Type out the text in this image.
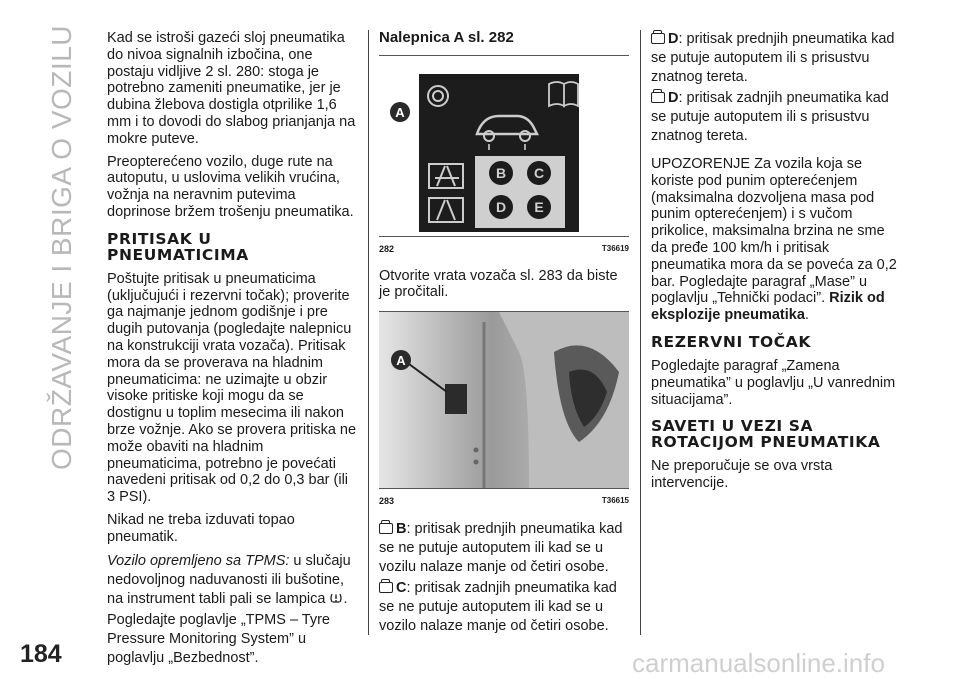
ODRŽAVANJE I BRIGA O VOZILU
184	carmanualsonline.info

Kad se istroši gazeći sloj pneumatika do nivoa signalnih izbočina, one postaju vidljive 2 sl. 280: stoga je potrebno zameniti pneumatike, jer je dubina žlebova dostigla otprilike 1,6 mm i to dovodi do slabog prianjanja na mokre puteve.

Preopterećeno vozilo, duge rute na autoputu, u uslovima velikih vrućina, vožnja na neravnim putevima doprinose bržem trošenju pneumatika.

PRITISAK U PNEUMATICIMA

Poštujte pritisak u pneumaticima (uključujući i rezervni točak); proverite ga najmanje jednom godišnje i pre dugih putovanja (pogledajte nalepnicu na konstrukciji vrata vozača). Pritisak mora da se proverava na hladnim pneumaticima: ne uzimajte u obzir visoke pritiske koji mogu da se dostignu u toplim mesecima ili nakon brze vožnje. Ako se provera pritiska ne može obaviti na hladnim pneumaticima, potrebno je povećati navedeni pritisak od 0,2 do 0,3 bar (ili 3 PSI).

Nikad ne treba izduvati topao pneumatik.

Vozilo opremljeno sa TPMS: u slučaju nedovoljnog naduvanosti ili bušotine, na instrument tabli pali se lampica .

Pogledajte poglavlje „TPMS – Tyre Pressure Monitoring System” u poglavlju „Bezbednost”.

Nalepnica A sl. 282

B C
D E
A
282	T36619

Otvorite vrata vozača sl. 283 da biste je pročitali.

A
283	T36615

B: pritisak prednjih pneumatika kad se ne putuje autoputem ili kad se u vozilu nalaze manje od četiri osobe.

C: pritisak zadnjih pneumatika kad se ne putuje autoputem ili kad se u vozilo nalaze manje od četiri osobe.

D: pritisak prednjih pneumatika kad se putuje autoputem ili s prisustvu znatnog tereta.

D: pritisak zadnjih pneumatika kad se putuje autoputem ili s prisustvu znatnog tereta.

UPOZORENJE Za vozila koja se koriste pod punim opterećenjem (maksimalna dozvoljena masa pod punim opterećenjem) i s vučom prikolice, maksimalna brzina ne sme da pređe 100 km/h i pritisak pneumatika mora da se poveća za 0,2 bar. Pogledajte paragraf „Mase” u poglavlju „Tehnički podaci”. Rizik od eksplozije pneumatika.

REZERVNI TOČAK

Pogledajte paragraf „Zamena pneumatika” u poglavlju „U vanrednim situacijama”.

SAVETI U VEZI SA ROTACIJOM PNEUMATIKA

Ne preporučuje se ova vrsta intervencije.
